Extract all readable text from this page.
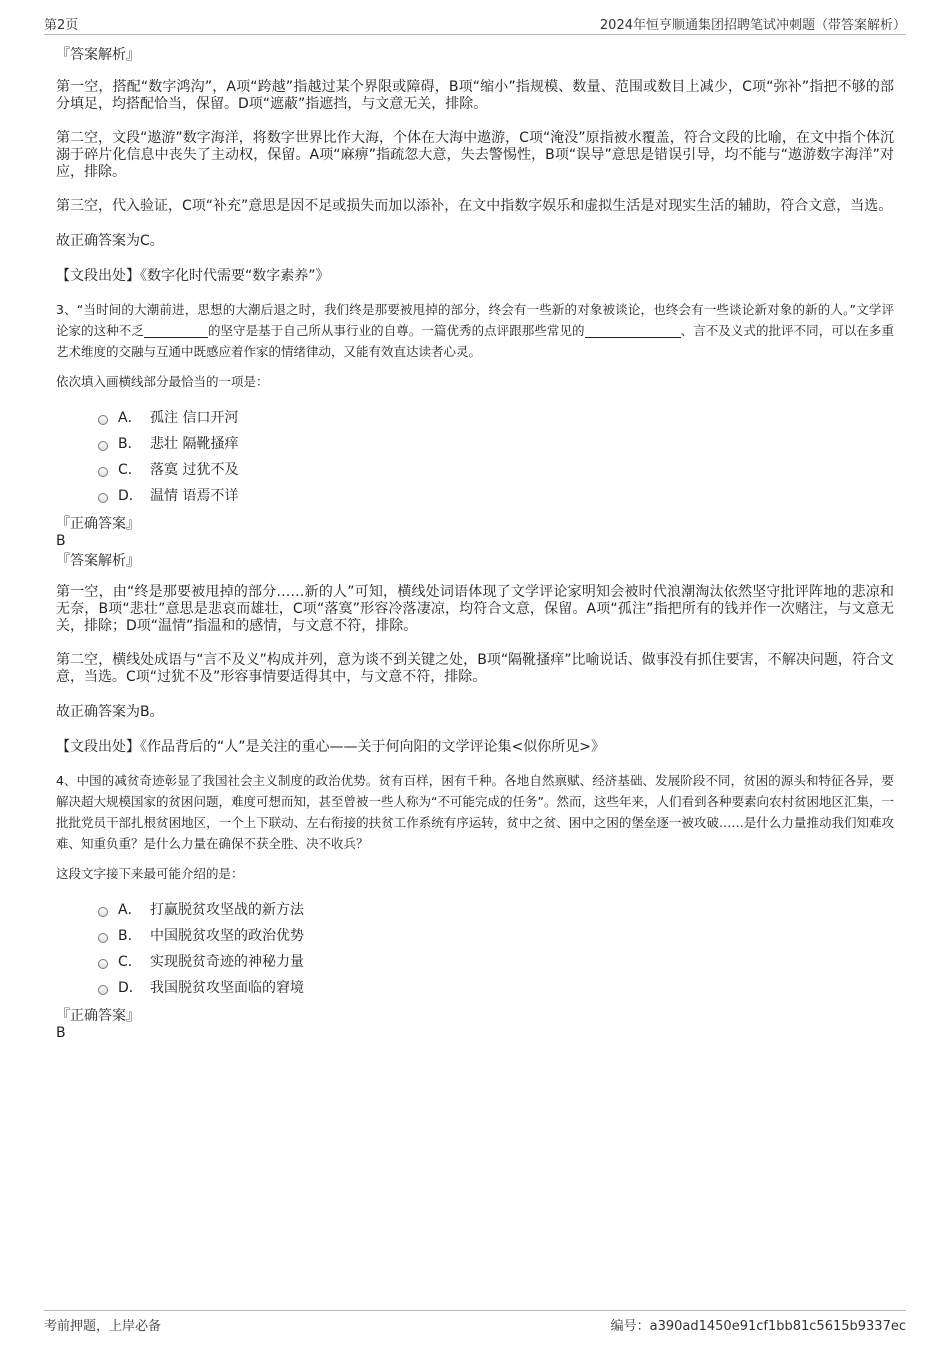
第2页	2024年恒亨顺通集团招聘笔试冲刺题（带答案解析）

『答案解析』

第一空，搭配“数字鸿沟”，A项“跨越”指越过某个界限或障碍，B项“缩小”指规模、数量、范围或数目上减少，C项“弥补”指把不够的部分填足，均搭配恰当，保留。D项“遮蔽”指遮挡，与文意无关，排除。

第二空，文段“遨游”数字海洋，将数字世界比作大海，个体在大海中遨游，C项“淹没”原指被水覆盖，符合文段的比喻，在文中指个体沉溺于碎片化信息中丧失了主动权，保留。A项“麻痹”指疏忽大意，失去警惕性，B项“误导”意思是错误引导，均不能与“遨游数字海洋”对应，排除。

第三空，代入验证，C项“补充”意思是因不足或损失而加以添补，在文中指数字娱乐和虚拟生活是对现实生活的辅助，符合文意，当选。

故正确答案为C。

【文段出处】《数字化时代需要“数字素养”》

3、“当时间的大潮前进，思想的大潮后退之时，我们终是那要被甩掉的部分，终会有一些新的对象被谈论，也终会有一些谈论新对象的新的人。”文学评论家的这种不乏	的坚守是基于自己所从事行业的自尊。一篇优秀的点评跟那些常见的	、言不及义式的批评不同，可以在多重艺术维度的交融与互通中既感应着作家的情绪律动，又能有效直达读者心灵。

依次填入画横线部分最恰当的一项是：

A． 孤注 信口开河
B． 悲壮 隔靴搔痒
C． 落寞 过犹不及
D． 温情 语焉不详

『正确答案』

B

『答案解析』

第一空，由“终是那要被甩掉的部分……新的人”可知，横线处词语体现了文学评论家明知会被时代浪潮淘汰依然坚守批评阵地的悲凉和无奈，B项“悲壮”意思是悲哀而雄壮，C项“落寞”形容冷落凄凉，均符合文意，保留。A项“孤注”指把所有的钱并作一次赌注，与文意无关，排除；D项“温情”指温和的感情，与文意不符，排除。

第二空，横线处成语与“言不及义”构成并列，意为谈不到关键之处，B项“隔靴搔痒”比喻说话、做事没有抓住要害，不解决问题，符合文意，当选。C项“过犹不及”形容事情要适得其中，与文意不符，排除。

故正确答案为B。

【文段出处】《作品背后的“人”是关注的重心——关于何向阳的文学评论集<似你所见>》

4、中国的减贫奇迹彰显了我国社会主义制度的政治优势。贫有百样，困有千种。各地自然禀赋、经济基础、发展阶段不同，贫困的源头和特征各异，要解决超大规模国家的贫困问题，难度可想而知，甚至曾被一些人称为“不可能完成的任务”。然而，这些年来，人们看到各种要素向农村贫困地区汇集，一批批党员干部扎根贫困地区，一个上下联动、左右衔接的扶贫工作系统有序运转，贫中之贫、困中之困的堡垒逐一被攻破……是什么力量推动我们知难攻难、知重负重？是什么力量在确保不获全胜、决不收兵？

这段文字接下来最可能介绍的是：

A． 打赢脱贫攻坚战的新方法
B． 中国脱贫攻坚的政治优势
C． 实现脱贫奇迹的神秘力量
D． 我国脱贫攻坚面临的窘境

『正确答案』

B

考前押题，上岸必备	编号：a390ad1450e91cf1bb81c5615b9337ec
